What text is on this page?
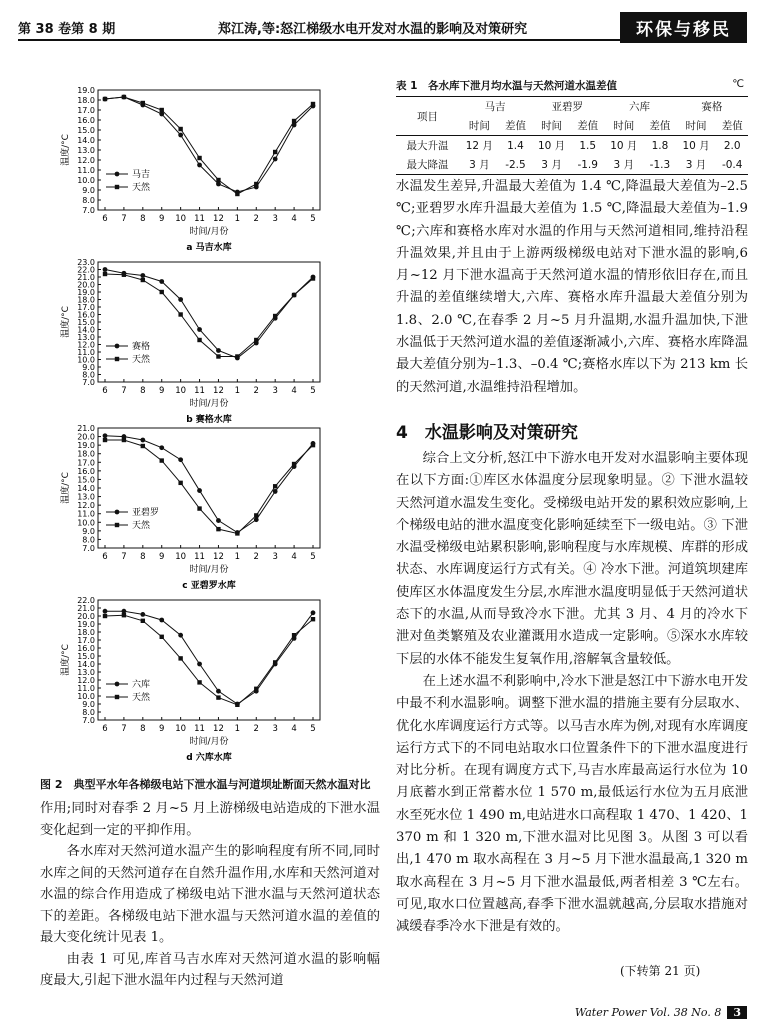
第 38 卷第 8 期	郑江涛,等:怒江梯级水电开发对水温的影响及对策研究	环保与移民
7.0
8.0
9.0
10.0
11.0
12.0
13.0
14.0
15.0
16.0
17.0
18.0
19.0
6 7 8 9 10 11 12 1 2 3 4 5
时间/月份
温度/°C
马吉
天然
a 马吉水库
7.0
8.0
9.0
10.0
11.0
12.0
13.0
14.0
15.0
16.0
17.0
18.0
19.0
20.0
21.0
22.0
23.0
6 7 8 9 10 11 12 1 2 3 4 5
时间/月份
温度/°C
赛格
天然
b 赛格水库
7.0
8.0
9.0
10.0
11.0
12.0
13.0
14.0
15.0
16.0
17.0
18.0
19.0
20.0
21.0
6 7 8 9 10 11 12 1 2 3 4 5
时间/月份
温度/°C
亚碧罗
天然
c 亚碧罗水库
7.0
8.0
9.0
10.0
11.0
12.0
13.0
14.0
15.0
16.0
17.0
18.0
19.0
20.0
21.0
22.0
6 7 8 9 10 11 12 1 2 3 4 5
时间/月份
温度/°C
六库
天然
d 六库水库
图 2　典型平水年各梯级电站下泄水温与河道坝址断面天然水温对比

作用;同时对春季 2 月~5 月上游梯级电站造成的下泄水温变化起到一定的平抑作用。

各水库对天然河道水温产生的影响程度有所不同,同时水库之间的天然河道存在自然升温作用,水库和天然河道对水温的综合作用造成了梯级电站下泄水温与天然河道状态下的差距。各梯级电站下泄水温与天然河道水温的差值的最大变化统计见表 1。

由表 1 可见,库首马吉水库对天然河道水温的影响幅度最大,引起下泄水温年内过程与天然河道

表 1　各水库下泄月均水温与天然河道水温差值	℃
项目	马吉		亚碧罗		六库		赛格	
	时间	差值	时间	差值	时间	差值	时间	差值
最大升温	12 月	1.4	10 月	1.5	10 月	1.8	10 月	2.0
最大降温	3 月	-2.5	3 月	-1.9	3 月	-1.3	3 月	-0.4

水温发生差异,升温最大差值为 1.4 ℃,降温最大差值为–2.5 ℃;亚碧罗水库升温最大差值为 1.5 ℃,降温最大差值为–1.9 ℃;六库和赛格水库对水温的作用与天然河道相同,维持沿程升温效果,并且由于上游两级梯级电站对下泄水温的影响,6 月~12 月下泄水温高于天然河道水温的情形依旧存在,而且升温的差值继续增大,六库、赛格水库升温最大差值分别为 1.8、2.0 ℃,在春季 2 月~5 月升温期,水温升温加快,下泄水温低于天然河道水温的差值逐渐减小,六库、赛格水库降温最大差值分别为–1.3、–0.4 ℃;赛格水库以下为 213 km 长的天然河道,水温维持沿程增加。

4　水温影响及对策研究

综合上文分析,怒江中下游水电开发对水温影响主要体现在以下方面:①库区水体温度分层现象明显。② 下泄水温较天然河道水温发生变化。受梯级电站开发的累积效应影响,上个梯级电站的泄水温度变化影响延续至下一级电站。③ 下泄水温受梯级电站累积影响,影响程度与水库规模、库群的形成状态、水库调度运行方式有关。④ 冷水下泄。河道筑坝建库使库区水体温度发生分层,水库泄水温度明显低于天然河道状态下的水温,从而导致冷水下泄。尤其 3 月、4 月的冷水下泄对鱼类繁殖及农业灌溉用水造成一定影响。⑤深水水库较下层的水体不能发生复氧作用,溶解氧含量较低。

在上述水温不利影响中,冷水下泄是怒江中下游水电开发中最不利水温影响。调整下泄水温的措施主要有分层取水、优化水库调度运行方式等。以马吉水库为例,对现有水库调度运行方式下的不同电站取水口位置条件下的下泄水温度进行对比分析。在现有调度方式下,马吉水库最高运行水位为 10 月底蓄水到正常蓄水位 1 570 m,最低运行水位为五月底泄水至死水位 1 490 m,电站进水口高程取 1 470、1 420、1 370 m 和 1 320 m,下泄水温对比见图 3。从图 3 可以看出,1 470 m 取水高程在 3 月~5 月下泄水温最高,1 320 m 取水高程在 3 月~5 月下泄水温最低,两者相差 3 ℃左右。可见,取水口位置越高,春季下泄水温就越高,分层取水措施对减缓春季冷水下泄是有效的。

(下转第 21 页)
Water Power Vol. 38 No. 8 3
